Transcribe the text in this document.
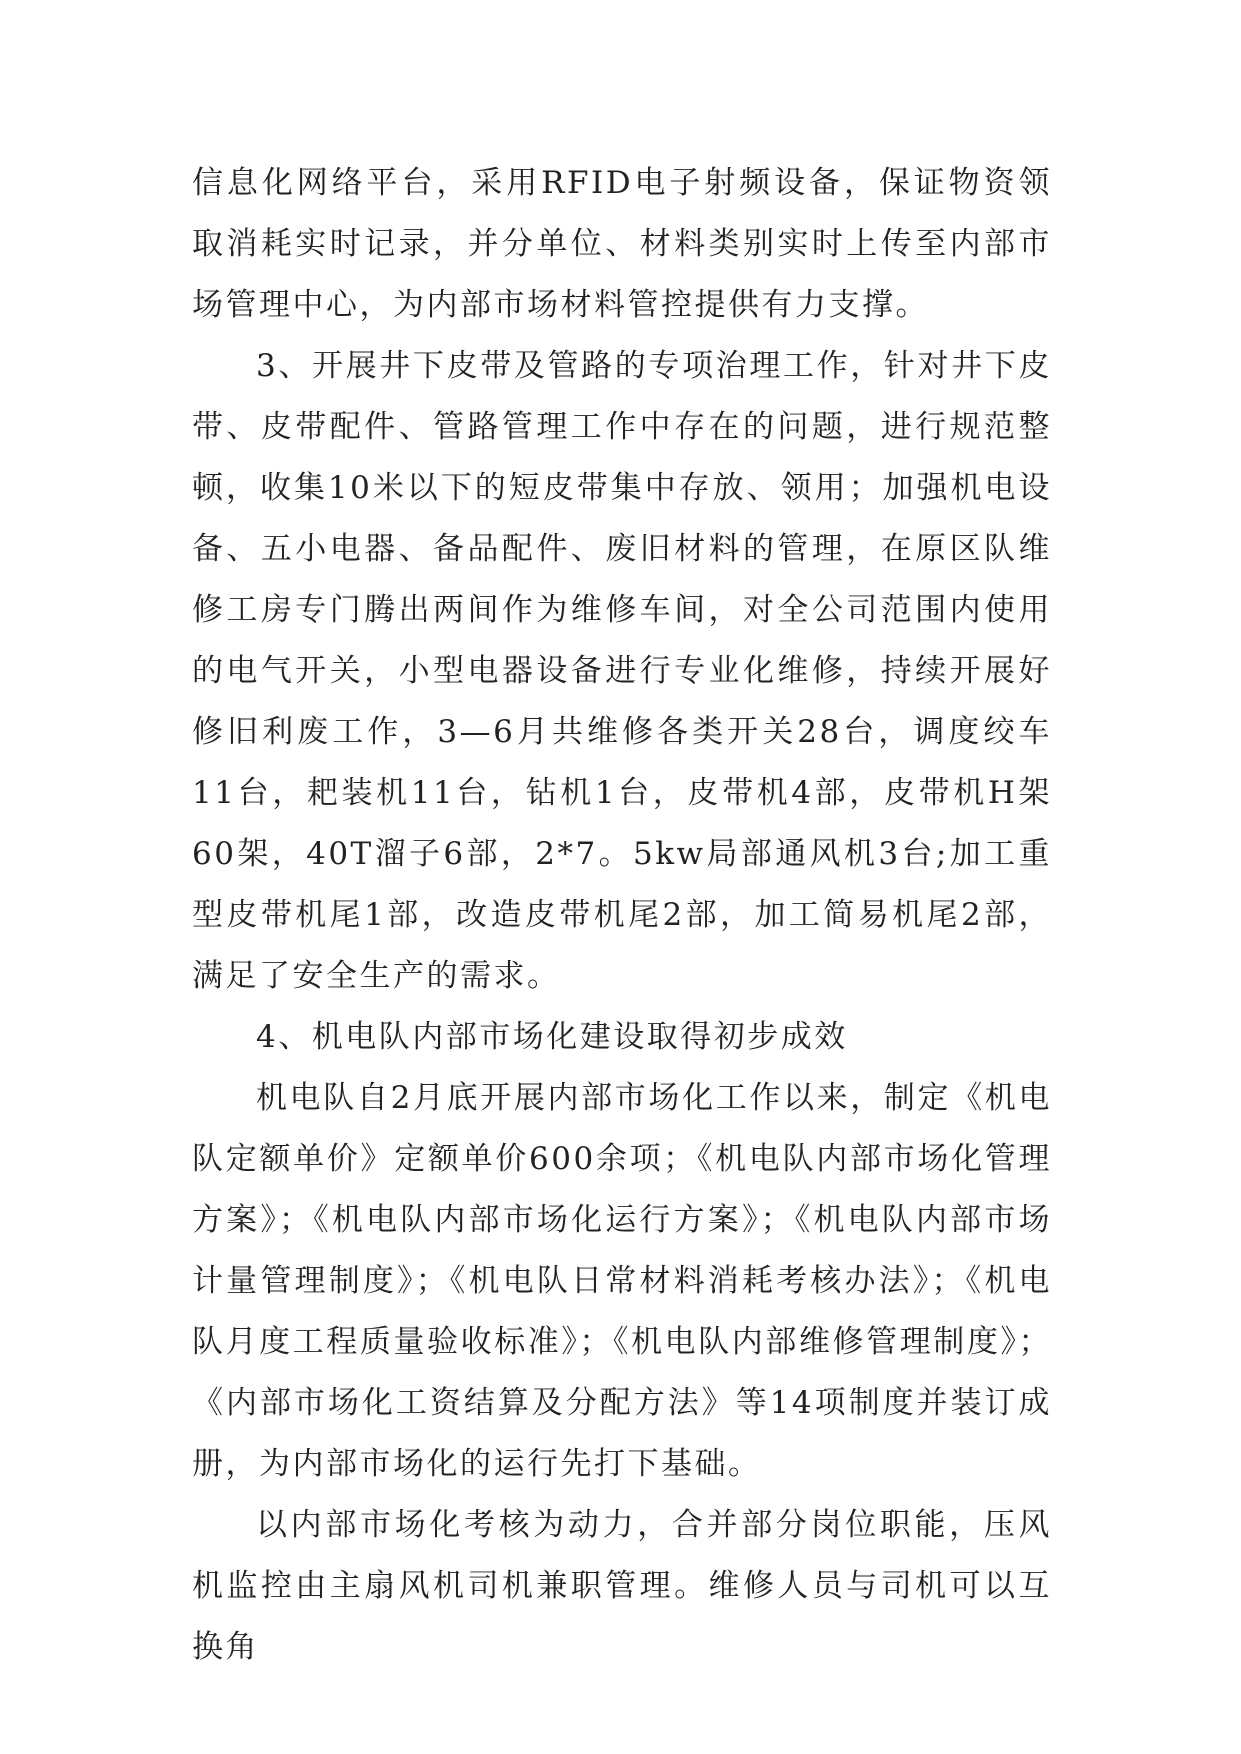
信息化网络平台，采用RFID电子射频设备，保证物资领取消耗实时记录，并分单位、材料类别实时上传至内部市场管理中心，为内部市场材料管控提供有力支撑。

3、开展井下皮带及管路的专项治理工作，针对井下皮带、皮带配件、管路管理工作中存在的问题，进行规范整顿，收集10米以下的短皮带集中存放、领用；加强机电设备、五小电器、备品配件、废旧材料的管理，在原区队维修工房专门腾出两间作为维修车间，对全公司范围内使用的电气开关，小型电器设备进行专业化维修，持续开展好修旧利废工作，3—6月共维修各类开关28台，调度绞车11台，耙装机11台，钻机1台，皮带机4部，皮带机H架60架，40T溜子6部，2*7。5kw局部通风机3台;加工重型皮带机尾1部，改造皮带机尾2部，加工简易机尾2部，满足了安全生产的需求。

4、机电队内部市场化建设取得初步成效

机电队自2月底开展内部市场化工作以来，制定《机电队定额单价》定额单价600余项；《机电队内部市场化管理方案》；《机电队内部市场化运行方案》；《机电队内部市场计量管理制度》；《机电队日常材料消耗考核办法》；《机电队月度工程质量验收标准》；《机电队内部维修管理制度》；《内部市场化工资结算及分配方法》等14项制度并装订成册，为内部市场化的运行先打下基础。

以内部市场化考核为动力，合并部分岗位职能，压风机监控由主扇风机司机兼职管理。维修人员与司机可以互换角
